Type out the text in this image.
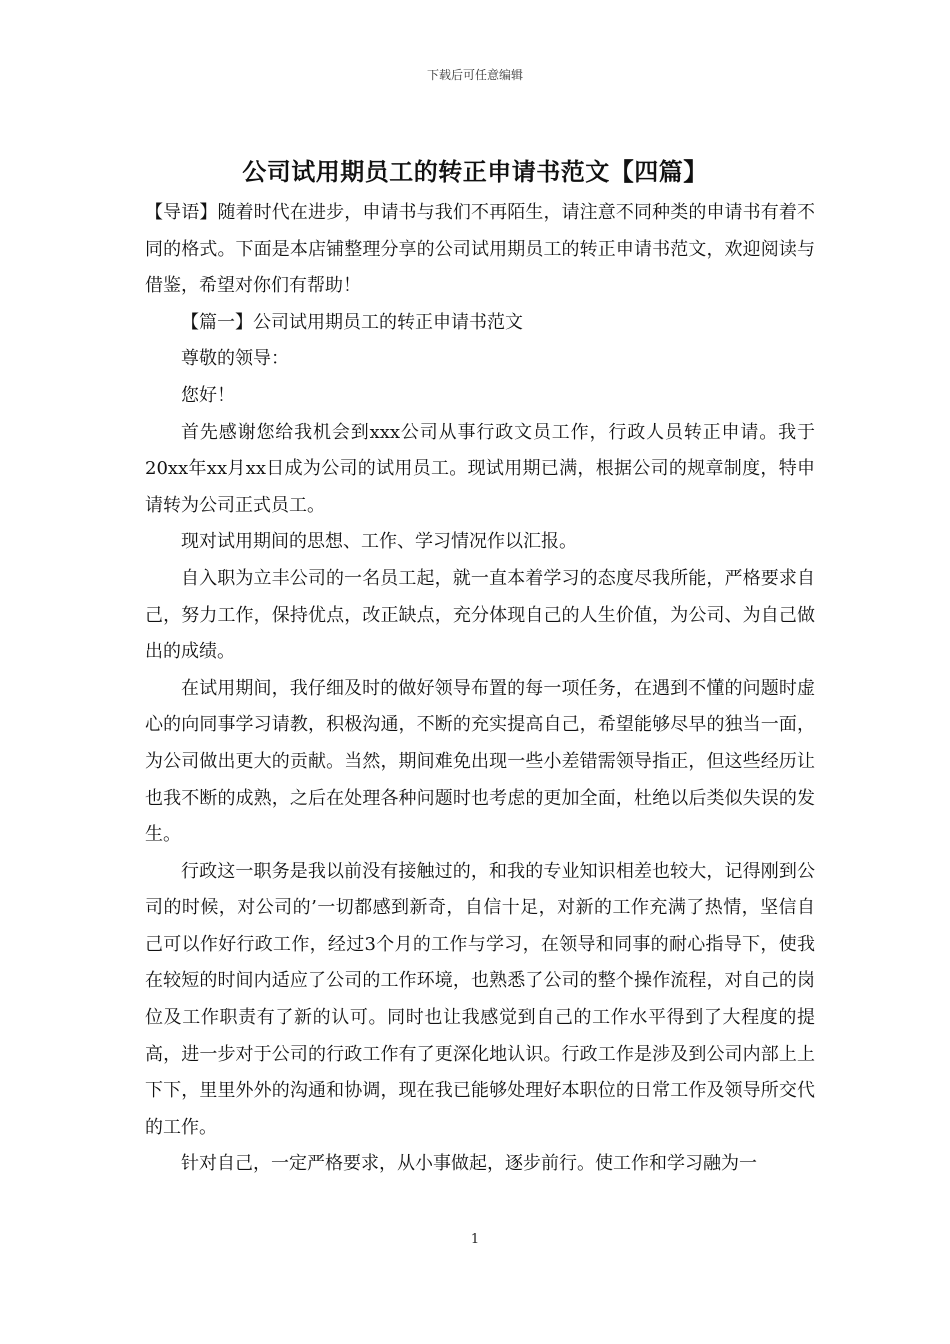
下载后可任意编辑
公司试用期员工的转正申请书范文【四篇】

【导语】随着时代在进步，申请书与我们不再陌生，请注意不同种类的申请书有着不同的格式。下面是本店铺整理分享的公司试用期员工的转正申请书范文，欢迎阅读与借鉴，希望对你们有帮助！

【篇一】公司试用期员工的转正申请书范文

尊敬的领导：

您好！

首先感谢您给我机会到xxx公司从事行政文员工作，行政人员转正申请。我于20xx年xx月xx日成为公司的试用员工。现试用期已满，根据公司的规章制度，特申请转为公司正式员工。

现对试用期间的思想、工作、学习情况作以汇报。

自入职为立丰公司的一名员工起，就一直本着学习的态度尽我所能，严格要求自己，努力工作，保持优点，改正缺点，充分体现自己的人生价值，为公司、为自己做出的成绩。

在试用期间，我仔细及时的做好领导布置的每一项任务，在遇到不懂的问题时虚心的向同事学习请教，积极沟通，不断的充实提高自己，希望能够尽早的独当一面，为公司做出更大的贡献。当然，期间难免出现一些小差错需领导指正，但这些经历让也我不断的成熟，之后在处理各种问题时也考虑的更加全面，杜绝以后类似失误的发生。

行政这一职务是我以前没有接触过的，和我的专业知识相差也较大，记得刚到公司的时候，对公司的’一切都感到新奇，自信十足，对新的工作充满了热情，坚信自己可以作好行政工作，经过3个月的工作与学习，在领导和同事的耐心指导下，使我在较短的时间内适应了公司的工作环境，也熟悉了公司的整个操作流程，对自己的岗位及工作职责有了新的认可。同时也让我感觉到自己的工作水平得到了大程度的提高，进一步对于公司的行政工作有了更深化地认识。行政工作是涉及到公司内部上上下下，里里外外的沟通和协调，现在我已能够处理好本职位的日常工作及领导所交代的工作。

针对自己，一定严格要求，从小事做起，逐步前行。使工作和学习融为一

1
